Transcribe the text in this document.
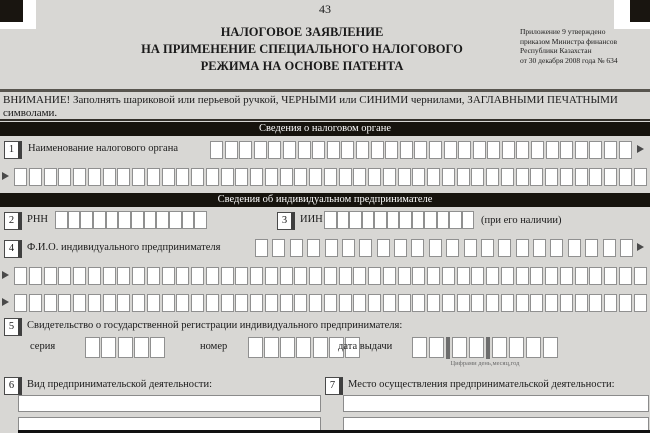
43
НАЛОГОВОЕ ЗАЯВЛЕНИЕ
НА ПРИМЕНЕНИЕ СПЕЦИАЛЬНОГО НАЛОГОВОГО
РЕЖИМА НА ОСНОВЕ ПАТЕНТА
Приложение 9 утверждено
приказом Министра финансов
Республики Казахстан
от 30 декабря 2008 года № 634
ВНИМАНИЕ! Заполнять шариковой или перьевой ручкой, ЧЕРНЫМИ или СИНИМИ чернилами, ЗАГЛАВНЫМИ ПЕЧАТНЫМИ символами.
Сведения о налоговом органе
1	Наименование налогового органа
Сведения об индивидуальном предпринимателе
2	РНН	3	ИИН	(при его наличии)
4	Ф.И.О. индивидуального предпринимателя
5	Свидетельство о государственной регистрации индивидуального предпринимателя:
серия	номер	дата выдачи
Цифрами день,месяц,год
6	Вид предпринимательской деятельности:	7	Место осуществления предпринимательской деятельности:
